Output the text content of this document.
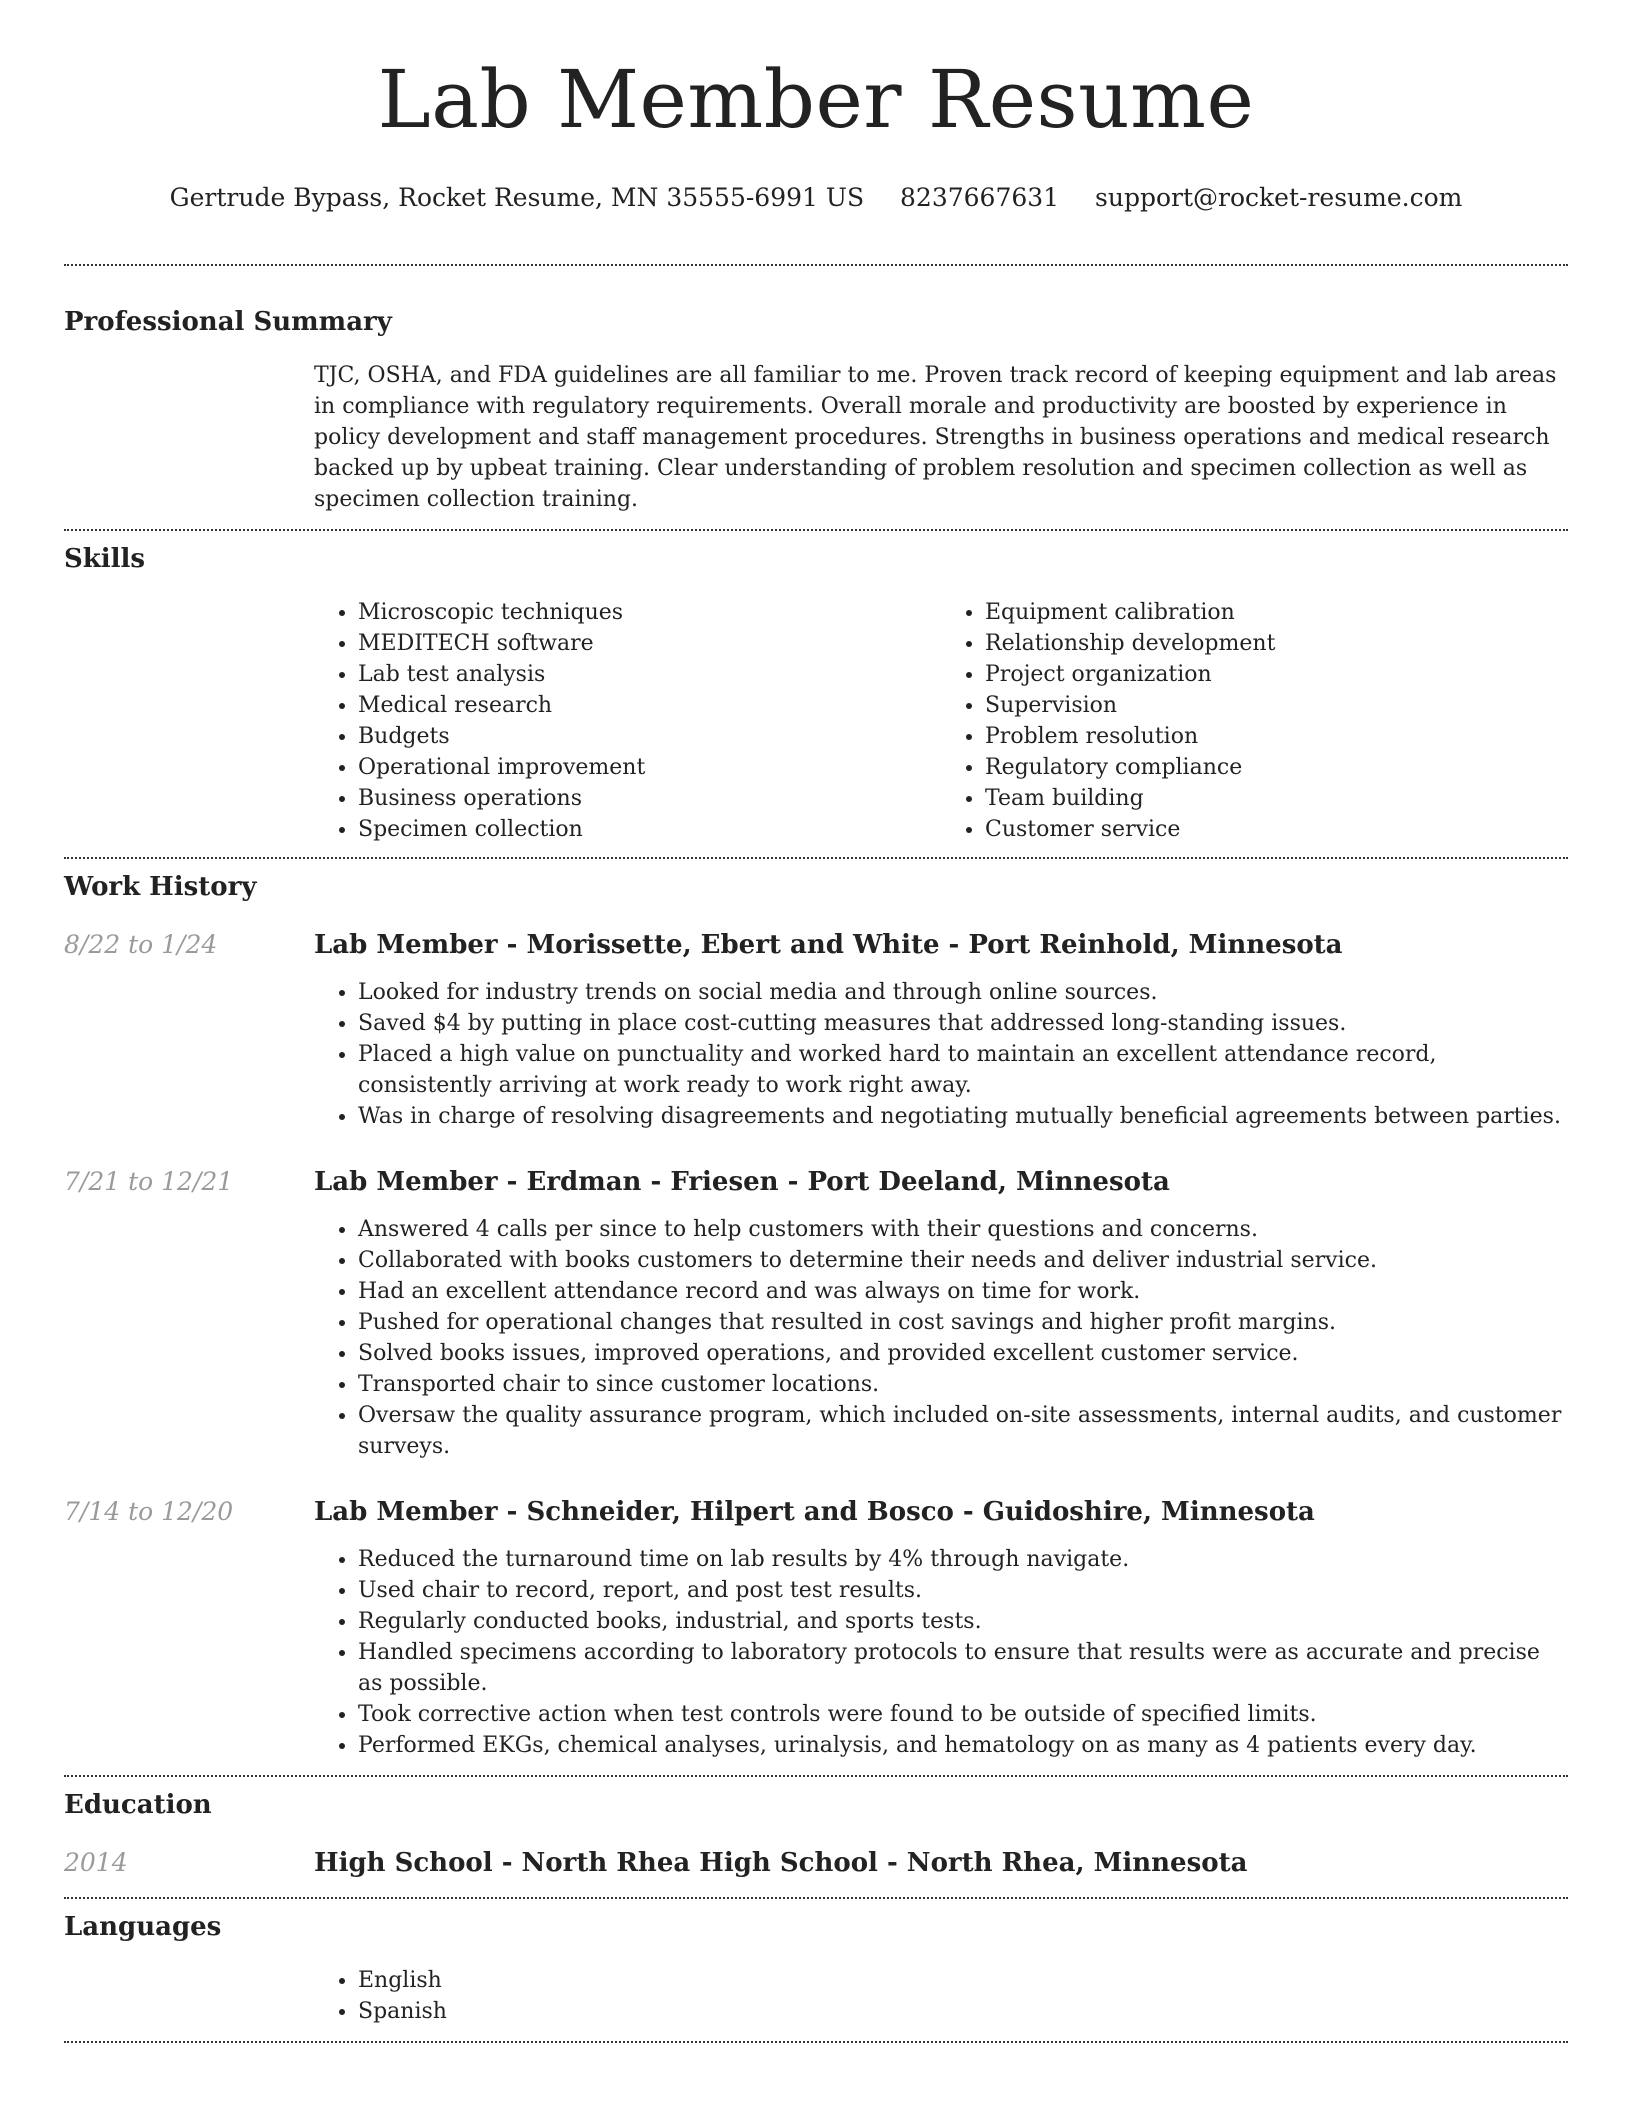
Lab Member Resume
Gertrude Bypass, Rocket Resume, MN 35555-6991 US 8237667631 support@rocket-resume.com
Professional Summary

TJC, OSHA, and FDA guidelines are all familiar to me. Proven track record of keeping equipment and lab areas in compliance with regulatory requirements. Overall morale and productivity are boosted by experience in policy development and staff management procedures. Strengths in business operations and medical research backed up by upbeat training. Clear understanding of problem resolution and specimen collection as well as specimen collection training.

Skills
• Microscopic techniques
• MEDITECH software
• Lab test analysis
• Medical research
• Budgets
• Operational improvement
• Business operations
• Specimen collection
• Equipment calibration
• Relationship development
• Project organization
• Supervision
• Problem resolution
• Regulatory compliance
• Team building
• Customer service
Work History
8/22 to 1/24	Lab Member - Morissette, Ebert and White - Port Reinhold, Minnesota
• Looked for industry trends on social media and through online sources.
• Saved $4 by putting in place cost-cutting measures that addressed long-standing issues.
• Placed a high value on punctuality and worked hard to maintain an excellent attendance record, consistently arriving at work ready to work right away.
• Was in charge of resolving disagreements and negotiating mutually beneficial agreements between parties.
7/21 to 12/21	Lab Member - Erdman - Friesen - Port Deeland, Minnesota
• Answered 4 calls per since to help customers with their questions and concerns.
• Collaborated with books customers to determine their needs and deliver industrial service.
• Had an excellent attendance record and was always on time for work.
• Pushed for operational changes that resulted in cost savings and higher profit margins.
• Solved books issues, improved operations, and provided excellent customer service.
• Transported chair to since customer locations.
• Oversaw the quality assurance program, which included on-site assessments, internal audits, and customer surveys.
7/14 to 12/20	Lab Member - Schneider, Hilpert and Bosco - Guidoshire, Minnesota
• Reduced the turnaround time on lab results by 4% through navigate.
• Used chair to record, report, and post test results.
• Regularly conducted books, industrial, and sports tests.
• Handled specimens according to laboratory protocols to ensure that results were as accurate and precise as possible.
• Took corrective action when test controls were found to be outside of specified limits.
• Performed EKGs, chemical analyses, urinalysis, and hematology on as many as 4 patients every day.
Education
2014	High School - North Rhea High School - North Rhea, Minnesota
Languages
• English
• Spanish
